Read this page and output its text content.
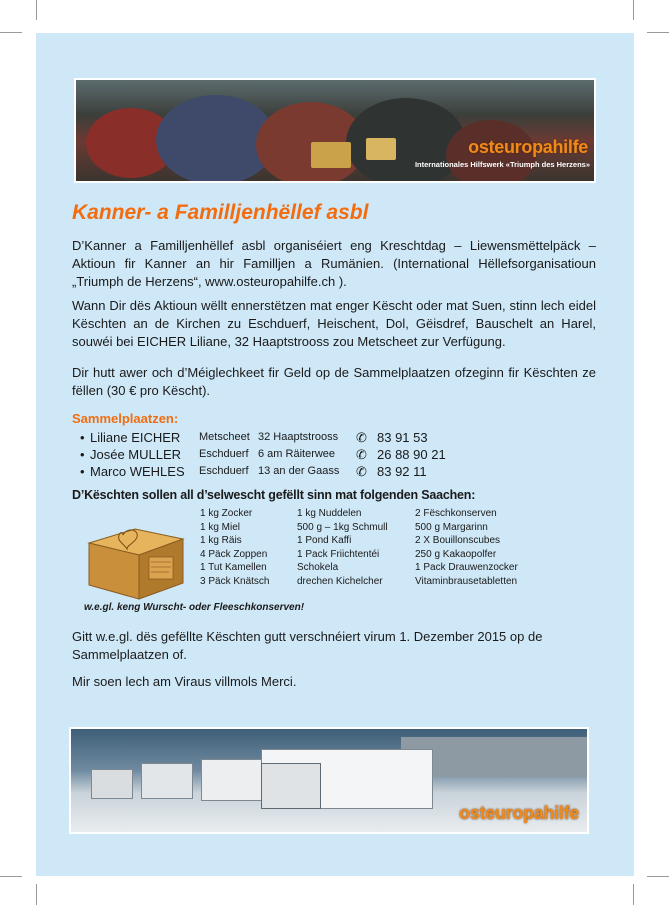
osteuropahilfe
Internationales Hilfswerk «Triumph des Herzens»
Kanner- a Familljenhëllef asbl

D’Kanner a Familljenhëllef asbl organiséiert eng Kreschtdag – Liewensmëttelpäck – Aktioun fir Kanner an hir Familljen a Rumänien. (International Hëllefsorganisatioun „Triumph de Herzens“, www.osteuropahilfe.ch ).

Wann Dir dës Aktioun wëllt ennerstëtzen mat enger Këscht oder mat Suen, stinn lech eidel Këschten an de Kirchen zu Eschduerf, Heischent, Dol, Gëisdref, Bauschelt an Harel, souwéi bei EICHER Liliane, 32 Haaptstrooss zou Metscheet zur Verfügung.

Dir hutt awer och d’Méiglechkeet fir Geld op de Sammelplaatzen ofzeginn fir Këschten ze fëllen (30 € pro Këscht).

Sammelplaatzen:
• Liliane EICHER Metscheet 32 Haaptstrooss ✆ 83 91 53
• Josée MULLER Eschduerf 6 am Räiterwee ✆ 26 88 90 21
• Marco WEHLES Eschduerf 13 an der Gaass ✆ 83 92 11
D’Këschten sollen all d’selwescht gefëllt sinn mat folgenden Saachen:
1 kg Zocker
1 kg Miel
1 kg Räis
4 Päck Zoppen
1 Tut Kamellen
3 Päck Knätsch
1 kg Nuddelen
500 g – 1kg Schmull
1 Pond Kaffi
1 Pack Friichtentéi
Schokela
drechen Kichelcher
2 Fëschkonserven
500 g Margarinn
2 X Bouillonscubes
250 g Kakaopolfer
1 Pack Drauwenzocker
Vitaminbrausetabletten

w.e.gl. keng Wurscht- oder Fleeschkonserven!

Gitt w.e.gl. dës gefëllte Këschten gutt verschnéiert virum 1. Dezember 2015 op de Sammelplaatzen of.

Mir soen lech am Viraus villmols Merci.

osteuropahilfe
